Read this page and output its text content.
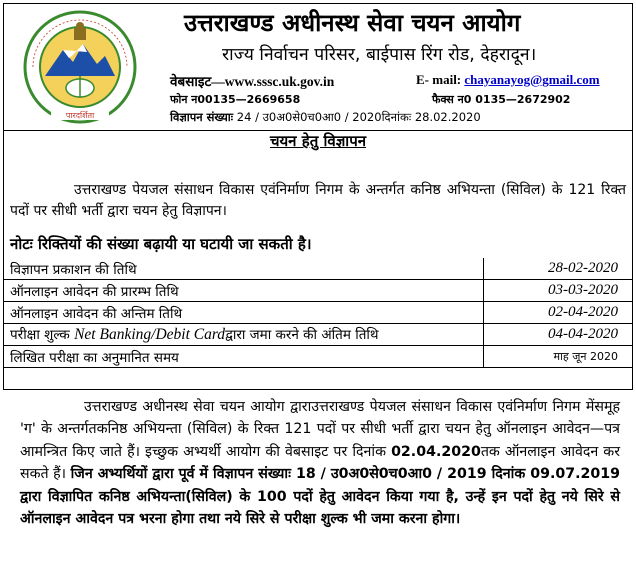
पारदर्शिता
उत्तराखण्ड अधीनस्थ सेवा चयन आयोग
राज्य निर्वाचन परिसर, बाईपास रिंग रोड, देहरादून।
वेबसाइट—www.sssc.uk.gov.in	E- mail: chayanayog@gmail.com
फोन न00135—2669658	फैक्स न0 0135—2672902
विज्ञापन संख्याः 24 / उ0अ0से0च0आ0 / 2020दिनांकः 28.02.2020
चयन हेतु विज्ञापन
उत्तराखण्ड पेयजल संसाधन विकास एवंनिर्माण निगम के अन्तर्गत कनिष्ठ अभियन्ता (सिविल) के 121 रिक्त पदों पर सीधी भर्ती द्वारा चयन हेतु विज्ञापन।
नोटः रिक्तियों की संख्या बढ़ायी या घटायी जा सकती है।
विज्ञापन प्रकाशन की तिथि	28-02-2020
ऑनलाइन आवेदन की प्रारम्भ तिथि	03-03-2020
ऑनलाइन आवेदन की अन्तिम तिथि	02-04-2020
परीक्षा शुल्क Net Banking/Debit Cardद्वारा जमा करने की अंतिम तिथि	04-04-2020
लिखित परीक्षा का अनुमानित समय	माह जून 2020
उत्तराखण्ड अधीनस्थ सेवा चयन आयोग द्वाराउत्तराखण्ड पेयजल संसाधन विकास एवंनिर्माण निगम मेंसमूह 'ग' के अन्तर्गतकनिष्ठ अभियन्ता (सिविल) के रिक्त 121 पदों पर सीधी भर्ती द्वारा चयन हेतु ऑनलाइन आवेदन—पत्र आमन्त्रित किए जाते हैं। इच्छुक अभ्यर्थी आयोग की वेबसाइट पर दिनांक 02.04.2020तक ऑनलाइन आवेदन कर सकते हैं। जिन अभ्यर्थियों द्वारा पूर्व में विज्ञापन संख्याः 18 / उ0अ0से0च0आ0 / 2019 दिनांक 09.07.2019 द्वारा विज्ञापित कनिष्ठ अभियन्ता(सिविल) के 100 पदों हेतु आवेदन किया गया है, उन्हें इन पदों हेतु नये सिरे से ऑनलाइन आवेदन पत्र भरना होगा तथा नये सिरे से परीक्षा शुल्क भी जमा करना होगा।
